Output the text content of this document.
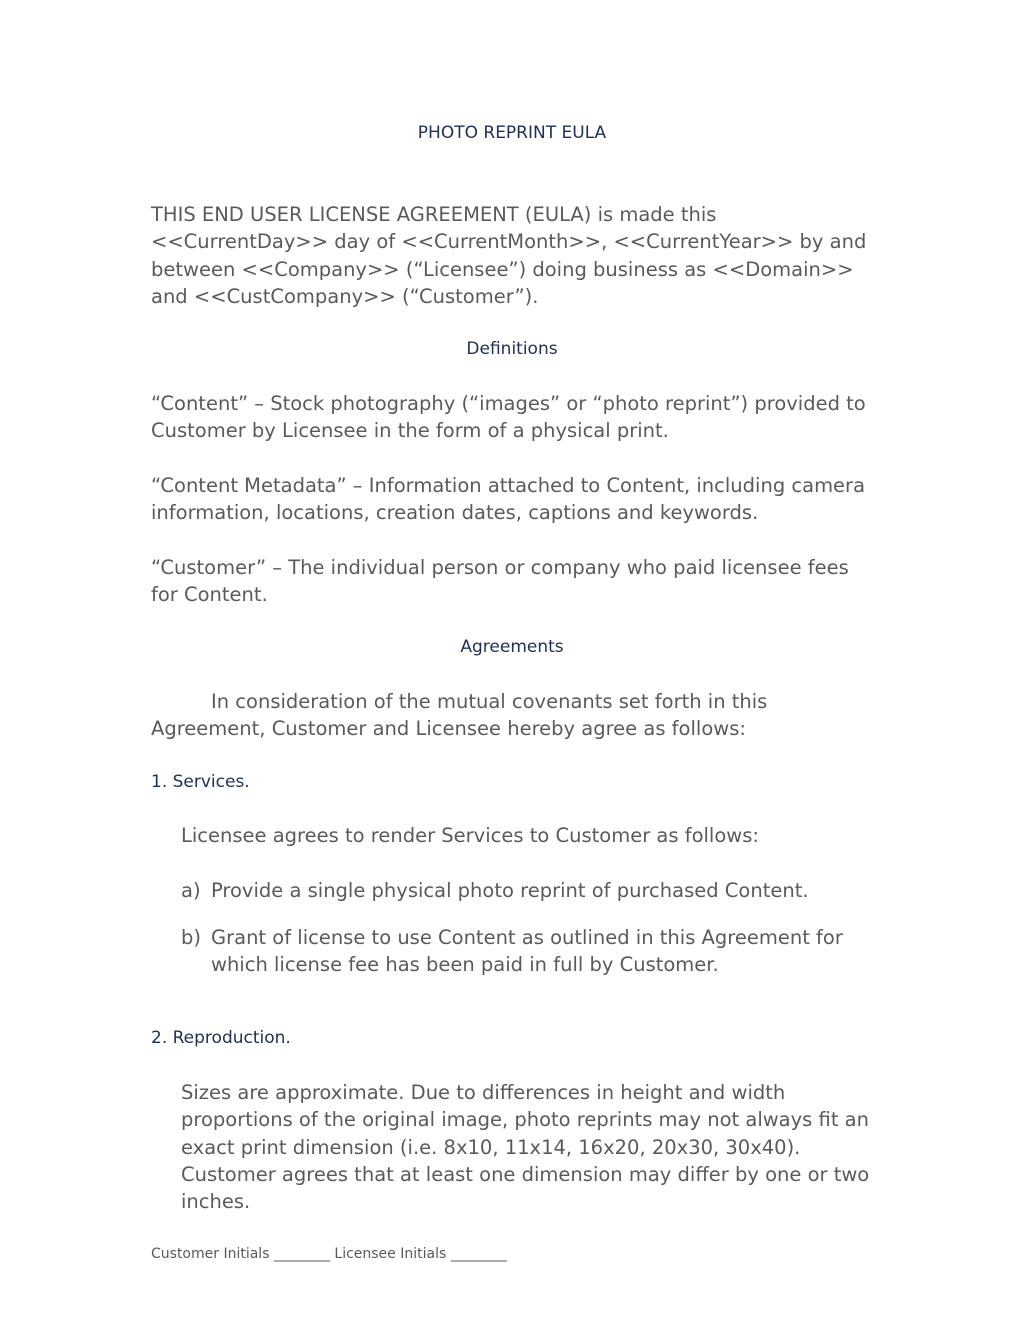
PHOTO REPRINT EULA
THIS END USER LICENSE AGREEMENT (EULA) is made this <<CurrentDay>> day of <<CurrentMonth>>, <<CurrentYear>> by and between <<Company>> (“Licensee”) doing business as <<Domain>> and <<CustCompany>> (“Customer”).
Definitions
“Content” – Stock photography (“images” or “photo reprint”) provided to Customer by Licensee in the form of a physical print.
“Content Metadata” – Information attached to Content, including camera information, locations, creation dates, captions and keywords.
“Customer” – The individual person or company who paid licensee fees for Content.
Agreements
In consideration of the mutual covenants set forth in this Agreement, Customer and Licensee hereby agree as follows:
1. Services.
Licensee agrees to render Services to Customer as follows:
a) Provide a single physical photo reprint of purchased Content.
b) Grant of license to use Content as outlined in this Agreement for which license fee has been paid in full by Customer.
2. Reproduction.
Sizes are approximate. Due to differences in height and width proportions of the original image, photo reprints may not always fit an exact print dimension (i.e. 8x10, 11x14, 16x20, 20x30, 30x40). Customer agrees that at least one dimension may differ by one or two inches.
Customer Initials ________ Licensee Initials ________
